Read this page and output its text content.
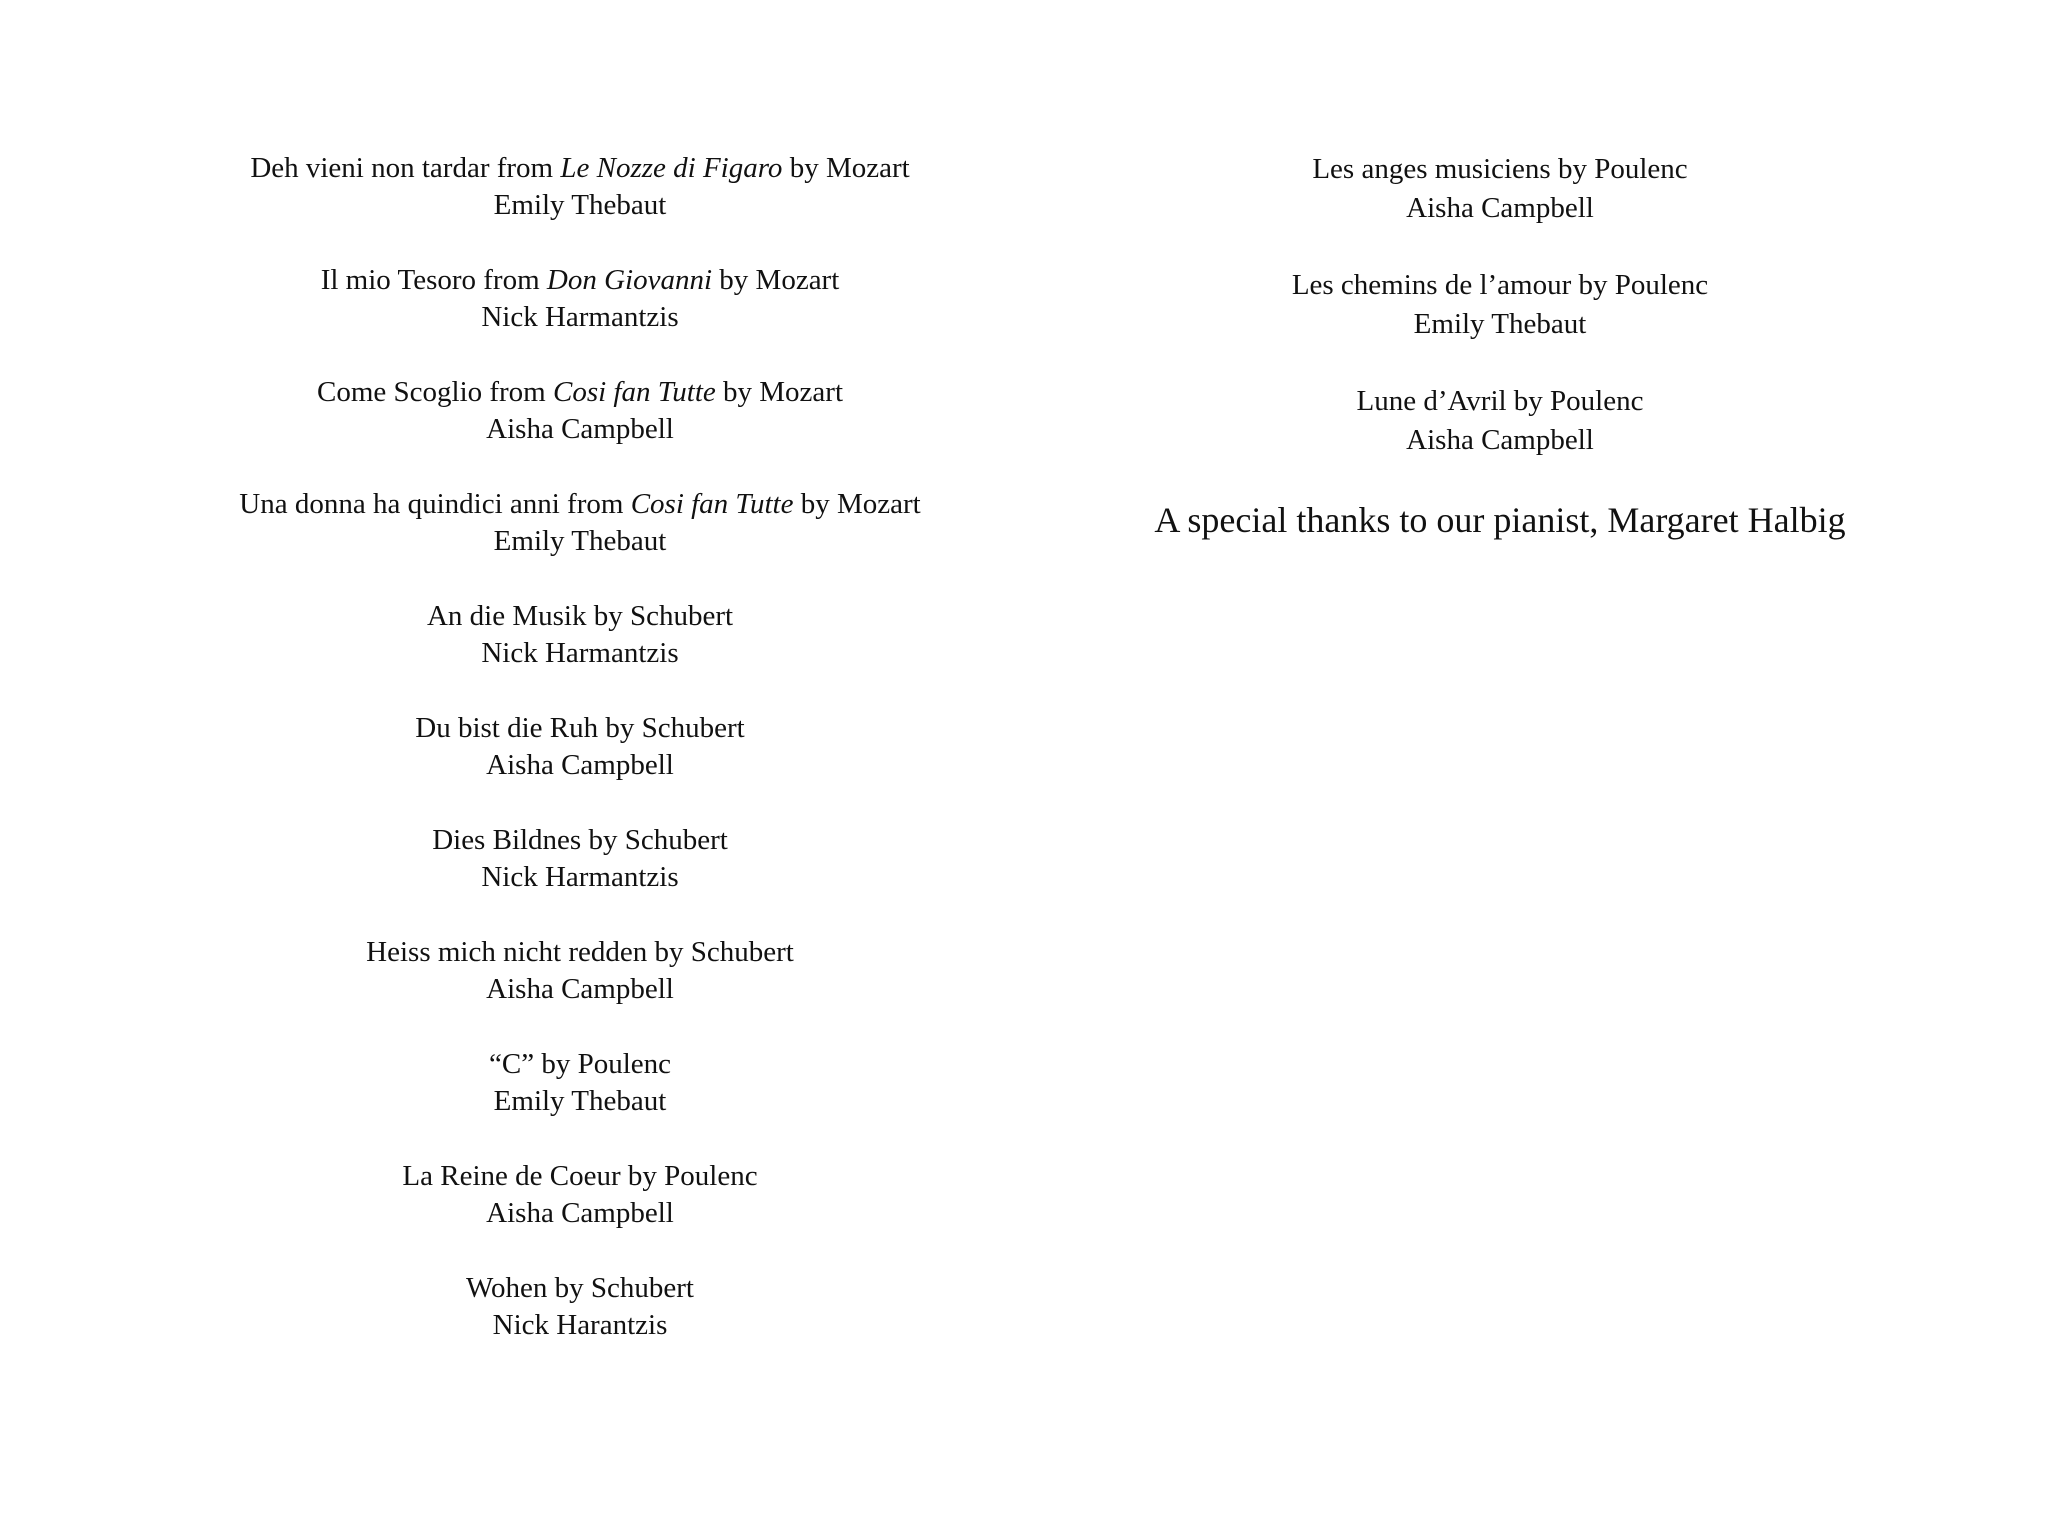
Deh vieni non tardar from Le Nozze di Figaro by Mozart
Emily Thebaut
Il mio Tesoro from Don Giovanni by Mozart
Nick Harmantzis
Come Scoglio from Cosi fan Tutte by Mozart
Aisha Campbell
Una donna ha quindici anni from Cosi fan Tutte by Mozart
Emily Thebaut
An die Musik by Schubert
Nick Harmantzis
Du bist die Ruh by Schubert
Aisha Campbell
Dies Bildnes by Schubert
Nick Harmantzis
Heiss mich nicht redden by Schubert
Aisha Campbell
“C” by Poulenc
Emily Thebaut
La Reine de Coeur by Poulenc
Aisha Campbell
Wohen by Schubert
Nick Harantzis
Les anges musiciens by Poulenc
Aisha Campbell
Les chemins de l’amour by Poulenc
Emily Thebaut
Lune d’Avril by Poulenc
Aisha Campbell
A special thanks to our pianist, Margaret Halbig
